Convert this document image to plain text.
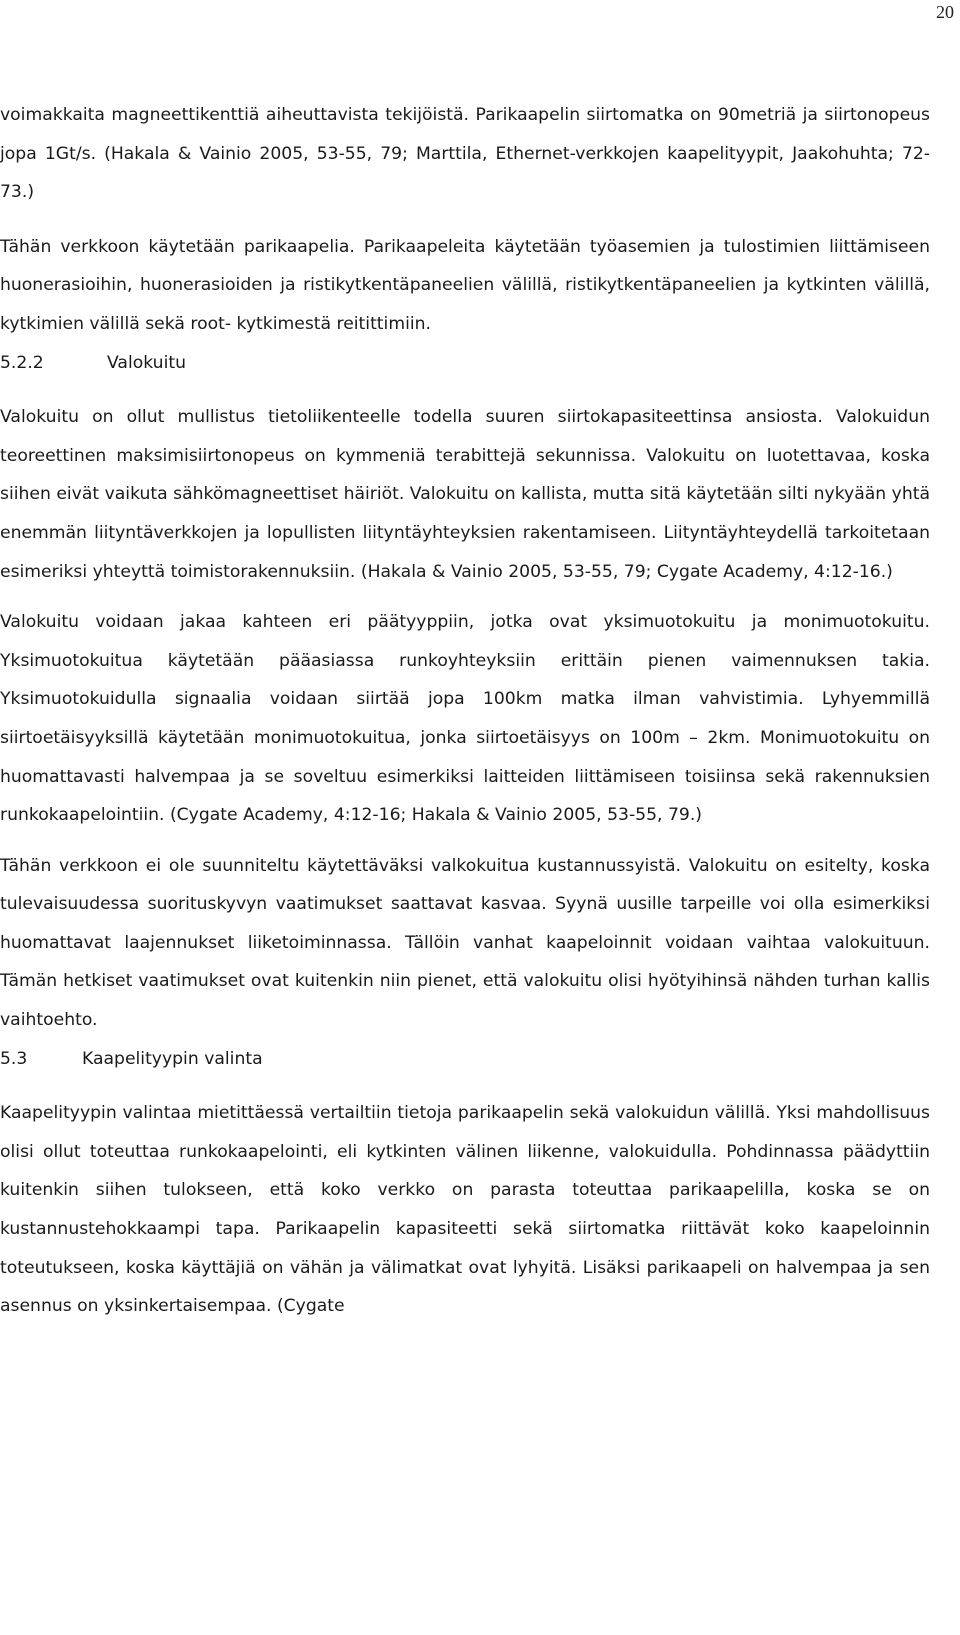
20

voimakkaita magneettikenttiä aiheuttavista tekijöistä. Parikaapelin siirtomatka on 90metriä ja siirtonopeus jopa 1Gt/s. (Hakala & Vainio 2005, 53-55, 79; Marttila, Ethernet-verkkojen kaapelityypit, Jaakohuhta; 72-73.)

Tähän verkkoon käytetään parikaapelia. Parikaapeleita käytetään työasemien ja tulostimien liittämiseen huonerasioihin, huonerasioiden ja ristikytkentäpaneelien välillä, ristikytkentäpaneelien ja kytkinten välillä, kytkimien välillä sekä root- kytkimestä reitittimiin.

5.2.2	Valokuitu

Valokuitu on ollut mullistus tietoliikenteelle todella suuren siirtokapasiteettinsa ansiosta. Valokuidun teoreettinen maksimisiirtonopeus on kymmeniä terabittejä sekunnissa. Valokuitu on luotettavaa, koska siihen eivät vaikuta sähkömagneettiset häiriöt. Valokuitu on kallista, mutta sitä käytetään silti nykyään yhtä enemmän liityntäverkkojen ja lopullisten liityntäyhteyksien rakentamiseen. Liityntäyhteydellä tarkoitetaan esimeriksi yhteyttä toimistorakennuksiin. (Hakala & Vainio 2005, 53-55, 79; Cygate Academy, 4:12-16.)

Valokuitu voidaan jakaa kahteen eri päätyyppiin, jotka ovat yksimuotokuitu ja monimuotokuitu. Yksimuotokuitua käytetään pääasiassa runkoyhteyksiin erittäin pienen vaimennuksen takia. Yksimuotokuidulla signaalia voidaan siirtää jopa 100km matka ilman vahvistimia. Lyhyemmillä siirtoetäisyyksillä käytetään monimuotokuitua, jonka siirtoetäisyys on 100m – 2km. Monimuotokuitu on huomattavasti halvempaa ja se soveltuu esimerkiksi laitteiden liittämiseen toisiinsa sekä rakennuksien runkokaapelointiin. (Cygate Academy, 4:12-16; Hakala & Vainio 2005, 53-55, 79.)

Tähän verkkoon ei ole suunniteltu käytettäväksi valkokuitua kustannussyistä. Valokuitu on esitelty, koska tulevaisuudessa suorituskyvyn vaatimukset saattavat kasvaa. Syynä uusille tarpeille voi olla esimerkiksi huomattavat laajennukset liiketoiminnassa. Tällöin vanhat kaapeloinnit voidaan vaihtaa valokuituun. Tämän hetkiset vaatimukset ovat kuitenkin niin pienet, että valokuitu olisi hyötyihinsä nähden turhan kallis vaihtoehto.

5.3	Kaapelityypin valinta

Kaapelityypin valintaa mietittäessä vertailtiin tietoja parikaapelin sekä valokuidun välillä. Yksi mahdollisuus olisi ollut toteuttaa runkokaapelointi, eli kytkinten välinen liikenne, valokuidulla. Pohdinnassa päädyttiin kuitenkin siihen tulokseen, että koko verkko on parasta toteuttaa parikaapelilla, koska se on kustannustehokkaampi tapa. Parikaapelin kapasiteetti sekä siirtomatka riittävät koko kaapeloinnin toteutukseen, koska käyttäjiä on vähän ja välimatkat ovat lyhyitä. Lisäksi parikaapeli on halvempaa ja sen asennus on yksinkertaisempaa. (Cygate
